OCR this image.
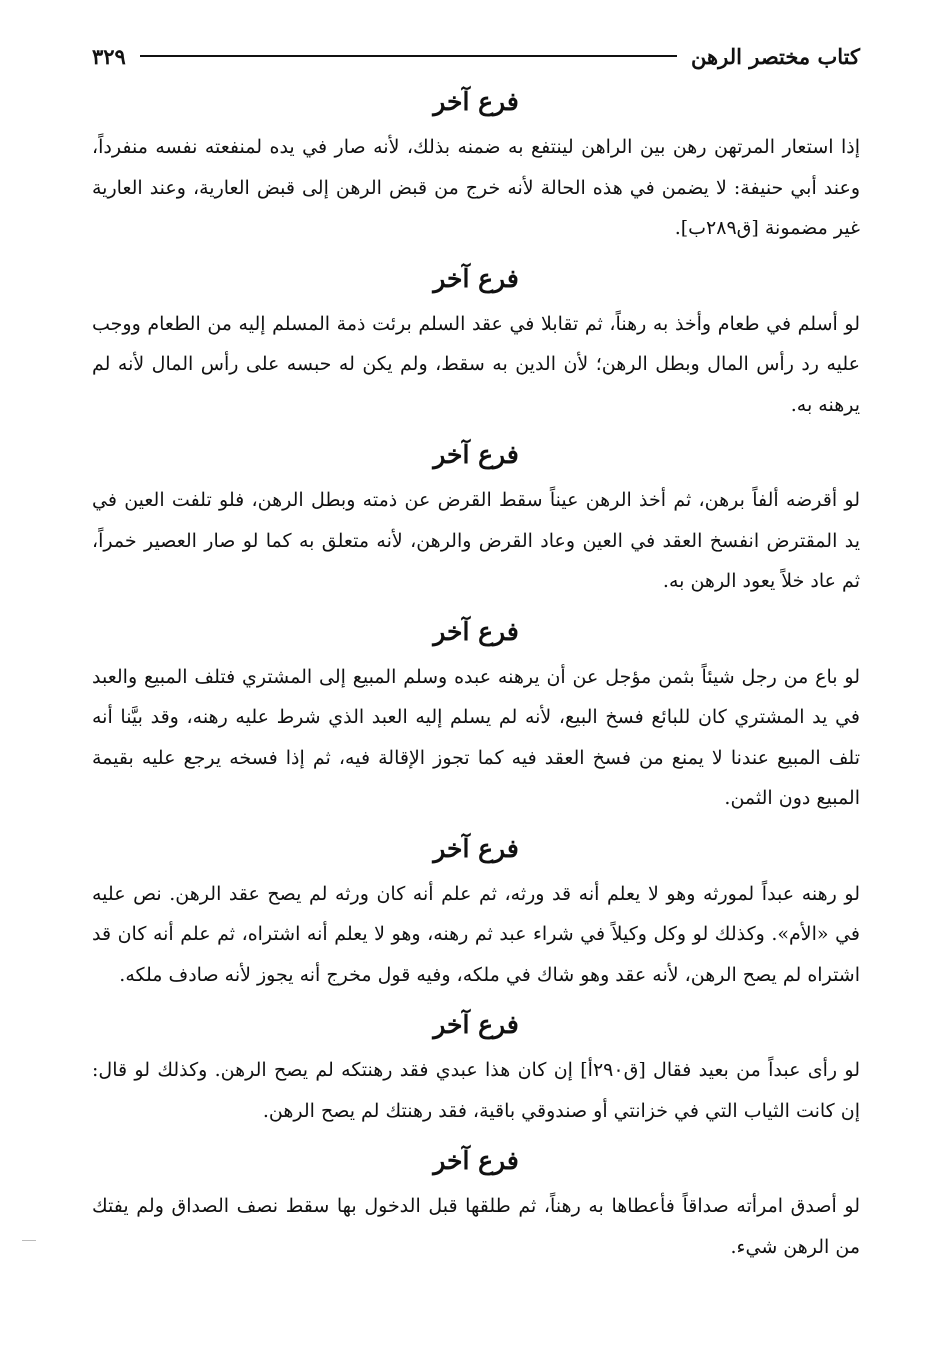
كتاب مختصر الرهن
٣٢٩
فرع آخر

إذا استعار المرتهن رهن بين الراهن لينتفع به ضمنه بذلك، لأنه صار في يده لمنفعته نفسه منفرداً، وعند أبي حنيفة: لا يضمن في هذه الحالة لأنه خرج من قبض الرهن إلى قبض العارية، وعند العارية غير مضمونة [ق٢٨٩ب].

فرع آخر

لو أسلم في طعام وأخذ به رهناً، ثم تقابلا في عقد السلم برئت ذمة المسلم إليه من الطعام ووجب عليه رد رأس المال وبطل الرهن؛ لأن الدين به سقط، ولم يكن له حبسه على رأس المال لأنه لم يرهنه به.

فرع آخر

لو أقرضه ألفاً برهن، ثم أخذ الرهن عيناً سقط القرض عن ذمته وبطل الرهن، فلو تلفت العين في يد المقترض انفسخ العقد في العين وعاد القرض والرهن، لأنه متعلق به كما لو صار العصير خمراً، ثم عاد خلاً يعود الرهن به.

فرع آخر

لو باع من رجل شيئاً بثمن مؤجل عن أن يرهنه عبده وسلم المبيع إلى المشتري فتلف المبيع والعبد في يد المشتري كان للبائع فسخ البيع، لأنه لم يسلم إليه العبد الذي شرط عليه رهنه، وقد بيَّنا أنه تلف المبيع عندنا لا يمنع من فسخ العقد فيه كما تجوز الإقالة فيه، ثم إذا فسخه يرجع عليه بقيمة المبيع دون الثمن.

فرع آخر

لو رهنه عبداً لمورثه وهو لا يعلم أنه قد ورثه، ثم علم أنه كان ورثه لم يصح عقد الرهن. نص عليه في «الأم». وكذلك لو وكل وكيلاً في شراء عبد ثم رهنه، وهو لا يعلم أنه اشتراه، ثم علم أنه كان قد اشتراه لم يصح الرهن، لأنه عقد وهو شاك في ملكه، وفيه قول مخرج أنه يجوز لأنه صادف ملكه.

فرع آخر

لو رأى عبداً من بعيد فقال [ق٢٩٠أ] إن كان هذا عبدي فقد رهنتكه لم يصح الرهن. وكذلك لو قال: إن كانت الثياب التي في خزانتي أو صندوقي باقية، فقد رهنتك لم يصح الرهن.

فرع آخر

لو أصدق امرأته صداقاً فأعطاها به رهناً، ثم طلقها قبل الدخول بها سقط نصف الصداق ولم يفتك من الرهن شيء.
